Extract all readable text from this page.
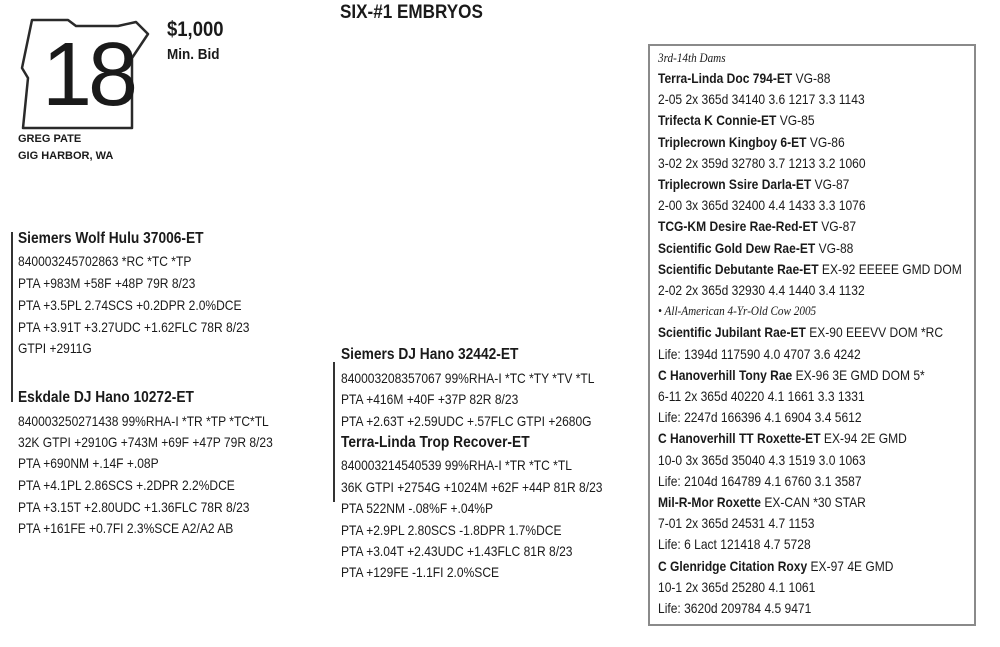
SIX-#1 EMBRYOS
18 $1,000
Min. Bid
GREG PATE
GIG HARBOR, WA
Siemers Wolf Hulu 37006-ET
840003245702863 *RC *TC *TP
PTA +983M +58F +48P 79R 8/23
PTA +3.5PL 2.74SCS +0.2DPR 2.0%DCE
PTA +3.91T +3.27UDC +1.62FLC 78R 8/23
GTPI +2911G
Eskdale DJ Hano 10272-ET
840003250271438 99%RHA-I *TR *TP *TC*TL
32K GTPI +2910G +743M +69F +47P 79R 8/23
PTA +690NM +.14F +.08P
PTA +4.1PL 2.86SCS +.2DPR 2.2%DCE
PTA +3.15T +2.80UDC +1.36FLC 78R 8/23
PTA +161FE +0.7FI 2.3%SCE A2/A2 AB
Siemers DJ Hano 32442-ET
840003208357067 99%RHA-I *TC *TY *TV *TL
PTA +416M +40F +37P 82R 8/23
PTA +2.63T +2.59UDC +.57FLC GTPI +2680G
Terra-Linda Trop Recover-ET
840003214540539 99%RHA-I *TR *TC *TL
36K GTPI +2754G +1024M +62F +44P 81R 8/23
PTA 522NM -.08%F +.04%P
PTA +2.9PL 2.80SCS -1.8DPR 1.7%DCE
PTA +3.04T +2.43UDC +1.43FLC 81R 8/23
PTA +129FE -1.1FI 2.0%SCE
3rd-14th Dams
Terra-Linda Doc 794-ET VG-88
2-05 2x 365d 34140 3.6 1217 3.3 1143
Trifecta K Connie-ET VG-85
Triplecrown Kingboy 6-ET VG-86
3-02 2x 359d 32780 3.7 1213 3.2 1060
Triplecrown Ssire Darla-ET VG-87
2-00 3x 365d 32400 4.4 1433 3.3 1076
TCG-KM Desire Rae-Red-ET VG-87
Scientific Gold Dew Rae-ET VG-88
Scientific Debutante Rae-ET EX-92 EEEEE GMD DOM
2-02 2x 365d 32930 4.4 1440 3.4 1132
• All-American 4-Yr-Old Cow 2005
Scientific Jubilant Rae-ET EX-90 EEEVV DOM *RC
Life: 1394d 117590 4.0 4707 3.6 4242
C Hanoverhill Tony Rae EX-96 3E GMD DOM 5*
6-11 2x 365d 40220 4.1 1661 3.3 1331
Life: 2247d 166396 4.1 6904 3.4 5612
C Hanoverhill TT Roxette-ET EX-94 2E GMD
10-0 3x 365d 35040 4.3 1519 3.0 1063
Life: 2104d 164789 4.1 6760 3.1 3587
Mil-R-Mor Roxette EX-CAN *30 STAR
7-01 2x 365d 24531 4.7 1153
Life: 6 Lact 121418 4.7 5728
C Glenridge Citation Roxy EX-97 4E GMD
10-1 2x 365d 25280 4.1 1061
Life: 3620d 209784 4.5 9471
